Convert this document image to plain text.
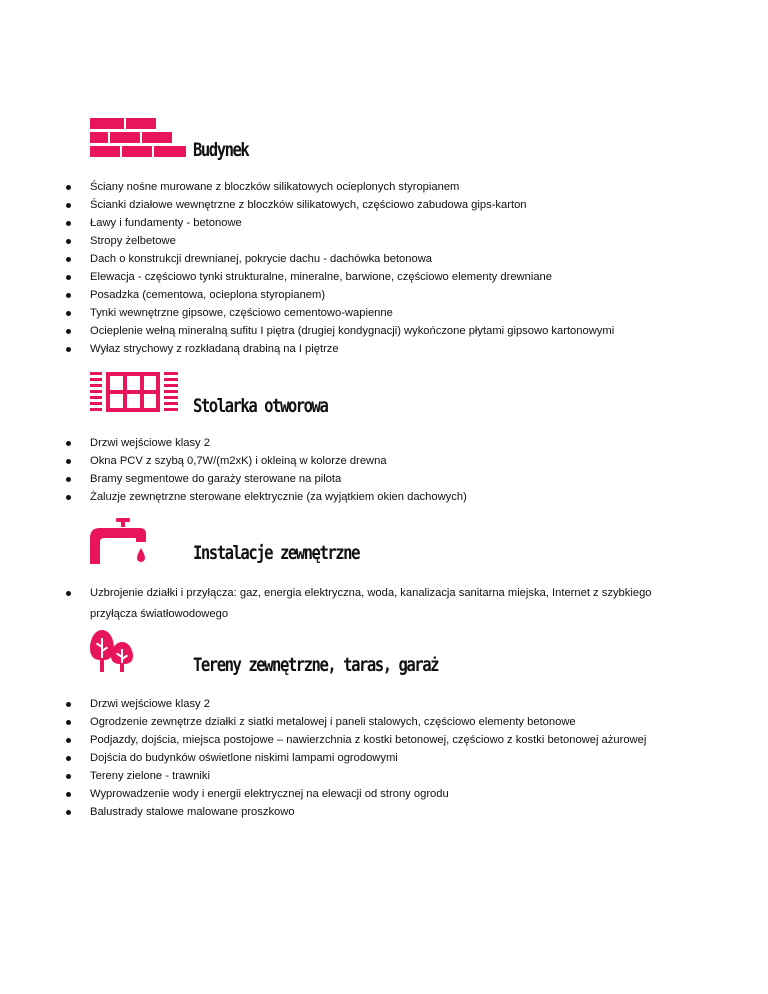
Budynek
Ściany nośne murowane z bloczków silikatowych ocieplonych styropianem
Ścianki działowe wewnętrzne z bloczków silikatowych, częściowo zabudowa gips-karton
Ławy i fundamenty - betonowe
Stropy żelbetowe
Dach o konstrukcji drewnianej, pokrycie dachu - dachówka betonowa
Elewacja - częściowo tynki strukturalne, mineralne, barwione, częściowo elementy drewniane
Posadzka (cementowa, ocieplona styropianem)
Tynki wewnętrzne gipsowe, częściowo cementowo-wapienne
Ocieplenie wełną mineralną sufitu I piętra (drugiej kondygnacji) wykończone płytami gipsowo kartonowymi
Wyłaz strychowy z rozkładaną drabiną na I piętrze
Stolarka otworowa
Drzwi wejściowe klasy 2
Okna PCV z szybą 0,7W/(m2xK) i okleiną w kolorze drewna
Bramy segmentowe do garaży sterowane na pilota
Żaluzje zewnętrzne sterowane elektrycznie (za wyjątkiem okien dachowych)
Instalacje zewnętrzne
Uzbrojenie działki i przyłącza: gaz, energia elektryczna, woda, kanalizacja sanitarna miejska, Internet z szybkiego przyłącza światłowodowego
Tereny zewnętrzne, taras, garaż
Drzwi wejściowe klasy 2
Ogrodzenie zewnętrze działki z siatki metalowej i paneli stalowych, częściowo elementy betonowe
Podjazdy, dojścia, miejsca postojowe – nawierzchnia z kostki betonowej, częściowo z kostki betonowej ażurowej
Dojścia do budynków oświetlone niskimi lampami ogrodowymi
Tereny zielone - trawniki
Wyprowadzenie wody i energii elektrycznej na elewacji od strony ogrodu
Balustrady stalowe malowane proszkowo
